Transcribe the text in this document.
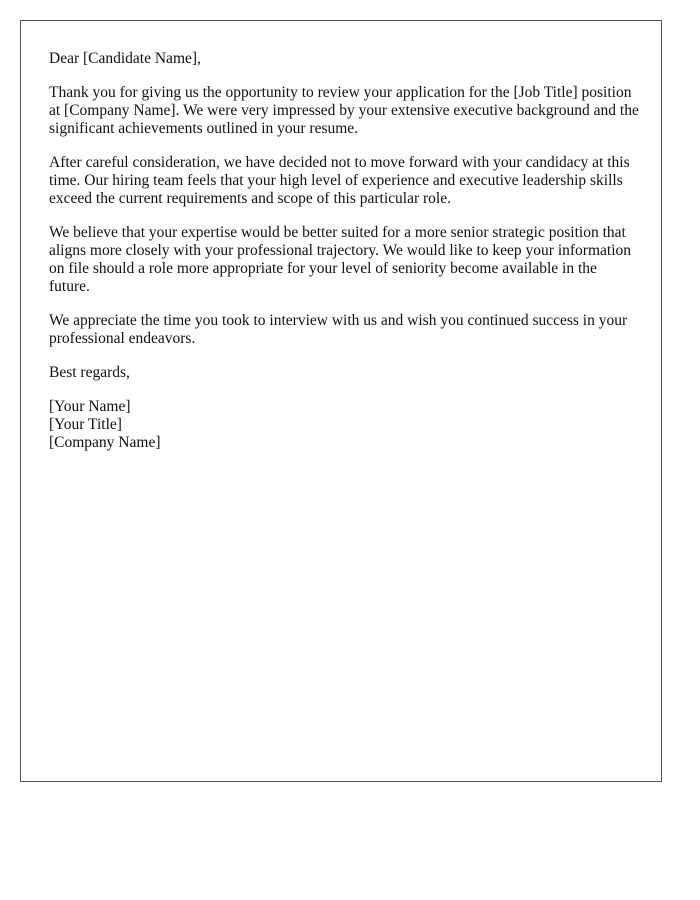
Dear [Candidate Name],

Thank you for giving us the opportunity to review your application for the [Job Title] position at [Company Name]. We were very impressed by your extensive executive background and the significant achievements outlined in your resume.

After careful consideration, we have decided not to move forward with your candidacy at this time. Our hiring team feels that your high level of experience and executive leadership skills exceed the current requirements and scope of this particular role.

We believe that your expertise would be better suited for a more senior strategic position that aligns more closely with your professional trajectory. We would like to keep your information on file should a role more appropriate for your level of seniority become available in the future.

We appreciate the time you took to interview with us and wish you continued success in your professional endeavors.

Best regards,

[Your Name]
[Your Title]
[Company Name]
